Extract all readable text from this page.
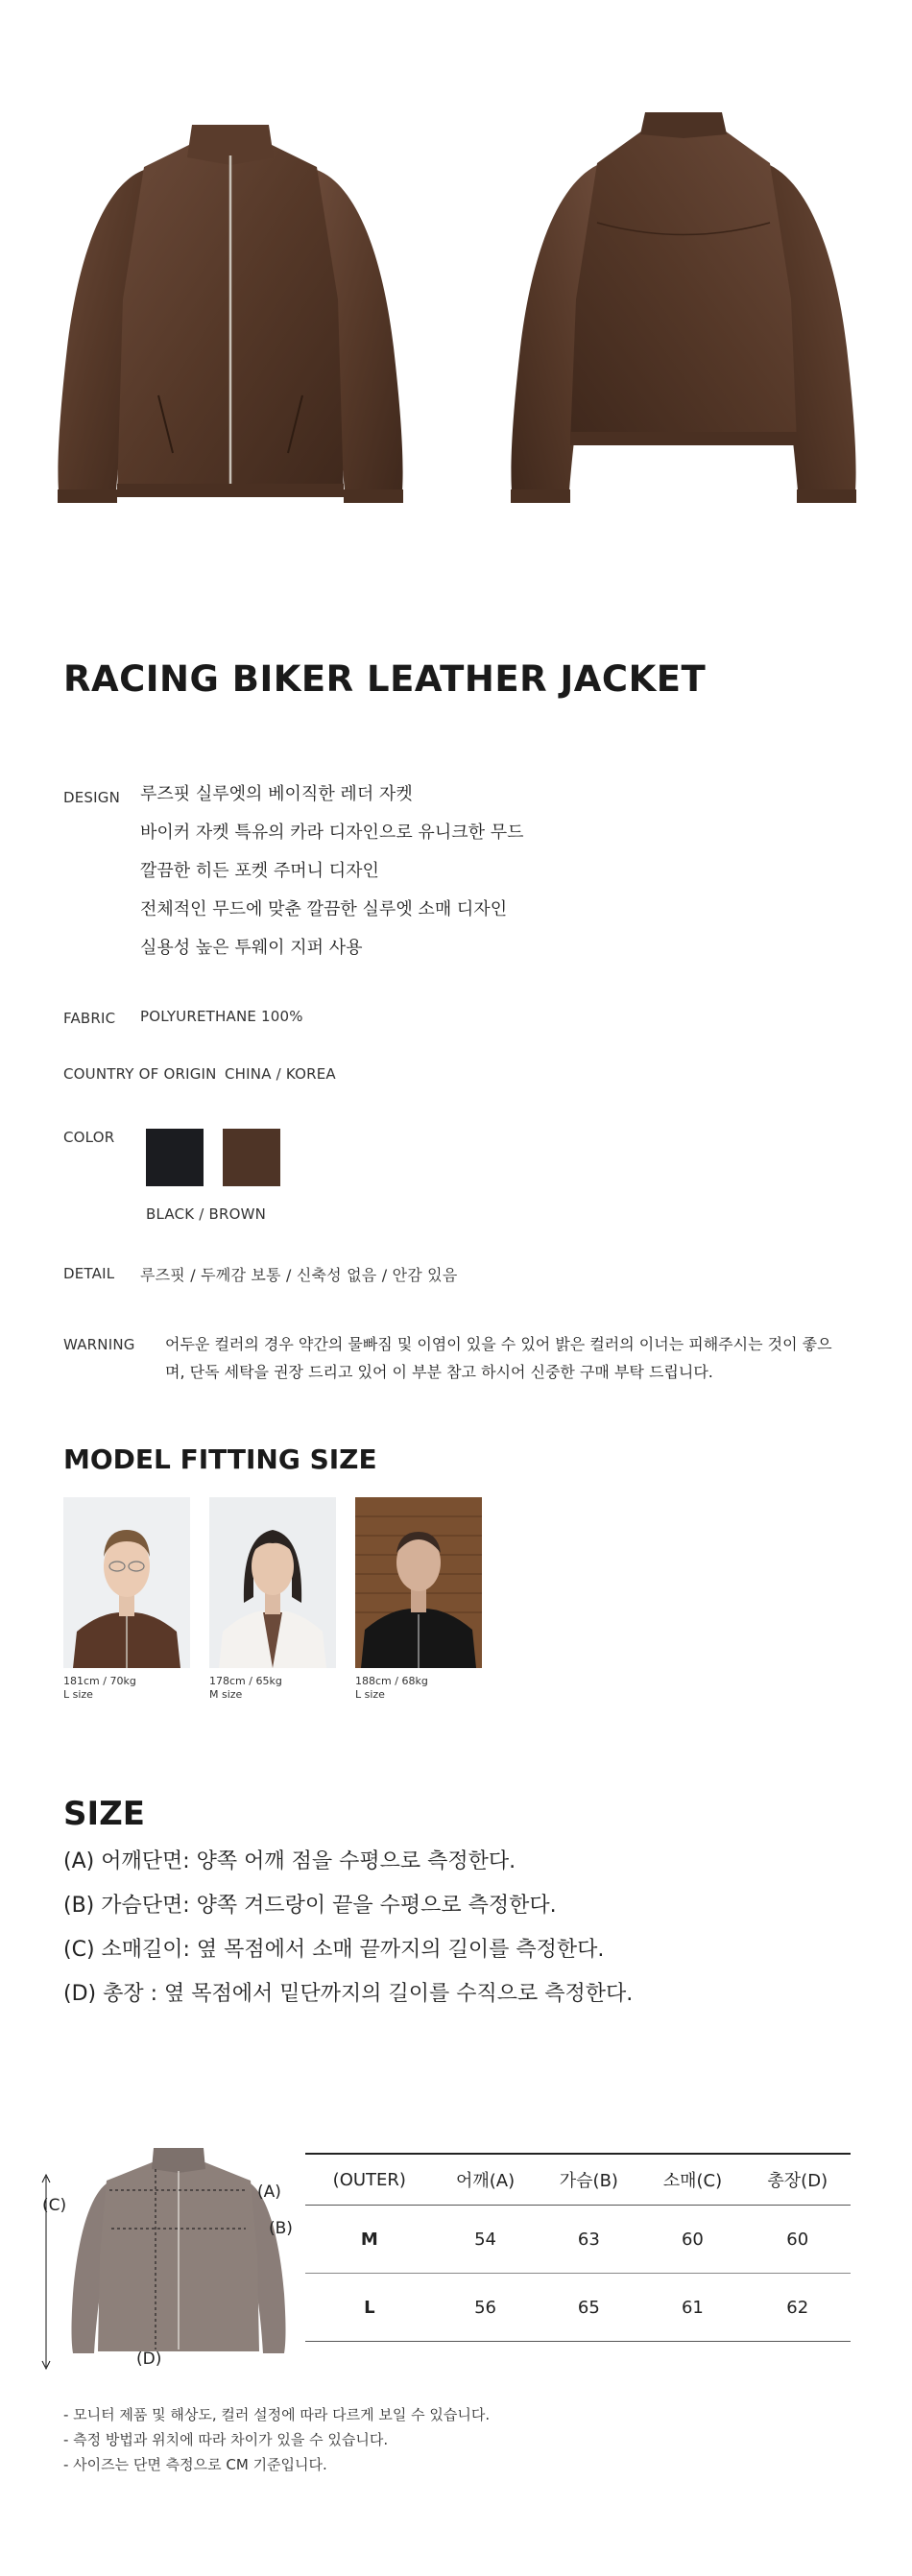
RACING BIKER LEATHER JACKET
DESIGN 루즈핏 실루엣의 베이직한 레더 자켓
바이커 자켓 특유의 카라 디자인으로 유니크한 무드
깔끔한 히든 포켓 주머니 디자인
전체적인 무드에 맞춘 깔끔한 실루엣 소매 디자인
실용성 높은 투웨이 지퍼 사용
FABRIC POLYURETHANE 100%
COUNTRY OF ORIGIN CHINA / KOREA
COLOR
BLACK / BROWN
DETAIL 루즈핏 / 두께감 보통 / 신축성 없음 / 안감 있음
WARNING 어두운 컬러의 경우 약간의 물빠짐 및 이염이 있을 수 있어 밝은 컬러의 이너는 피해주시는 것이 좋으며, 단독 세탁을 권장 드리고 있어 이 부분 참고 하시어 신중한 구매 부탁 드립니다.
MODEL FITTING SIZE
181cm / 70kg
L size
178cm / 65kg
M size
188cm / 68kg
L size
SIZE
(A) 어깨단면: 양쪽 어깨 점을 수평으로 측정한다.
(B) 가슴단면: 양쪽 겨드랑이 끝을 수평으로 측정한다.
(C) 소매길이: 옆 목점에서 소매 끝까지의 길이를 측정한다.
(D) 총장 : 옆 목점에서 밑단까지의 길이를 수직으로 측정한다.
(C)
(A)
(B)
(D)
(OUTER)	어깨(A)	가슴(B)	소매(C)	총장(D)
M	54	63	60	60
L	56	65	61	62
- 모니터 제품 및 해상도, 컬러 설정에 따라 다르게 보일 수 있습니다.
- 측정 방법과 위치에 따라 차이가 있을 수 있습니다.
- 사이즈는 단면 측정으로 CM 기준입니다.
